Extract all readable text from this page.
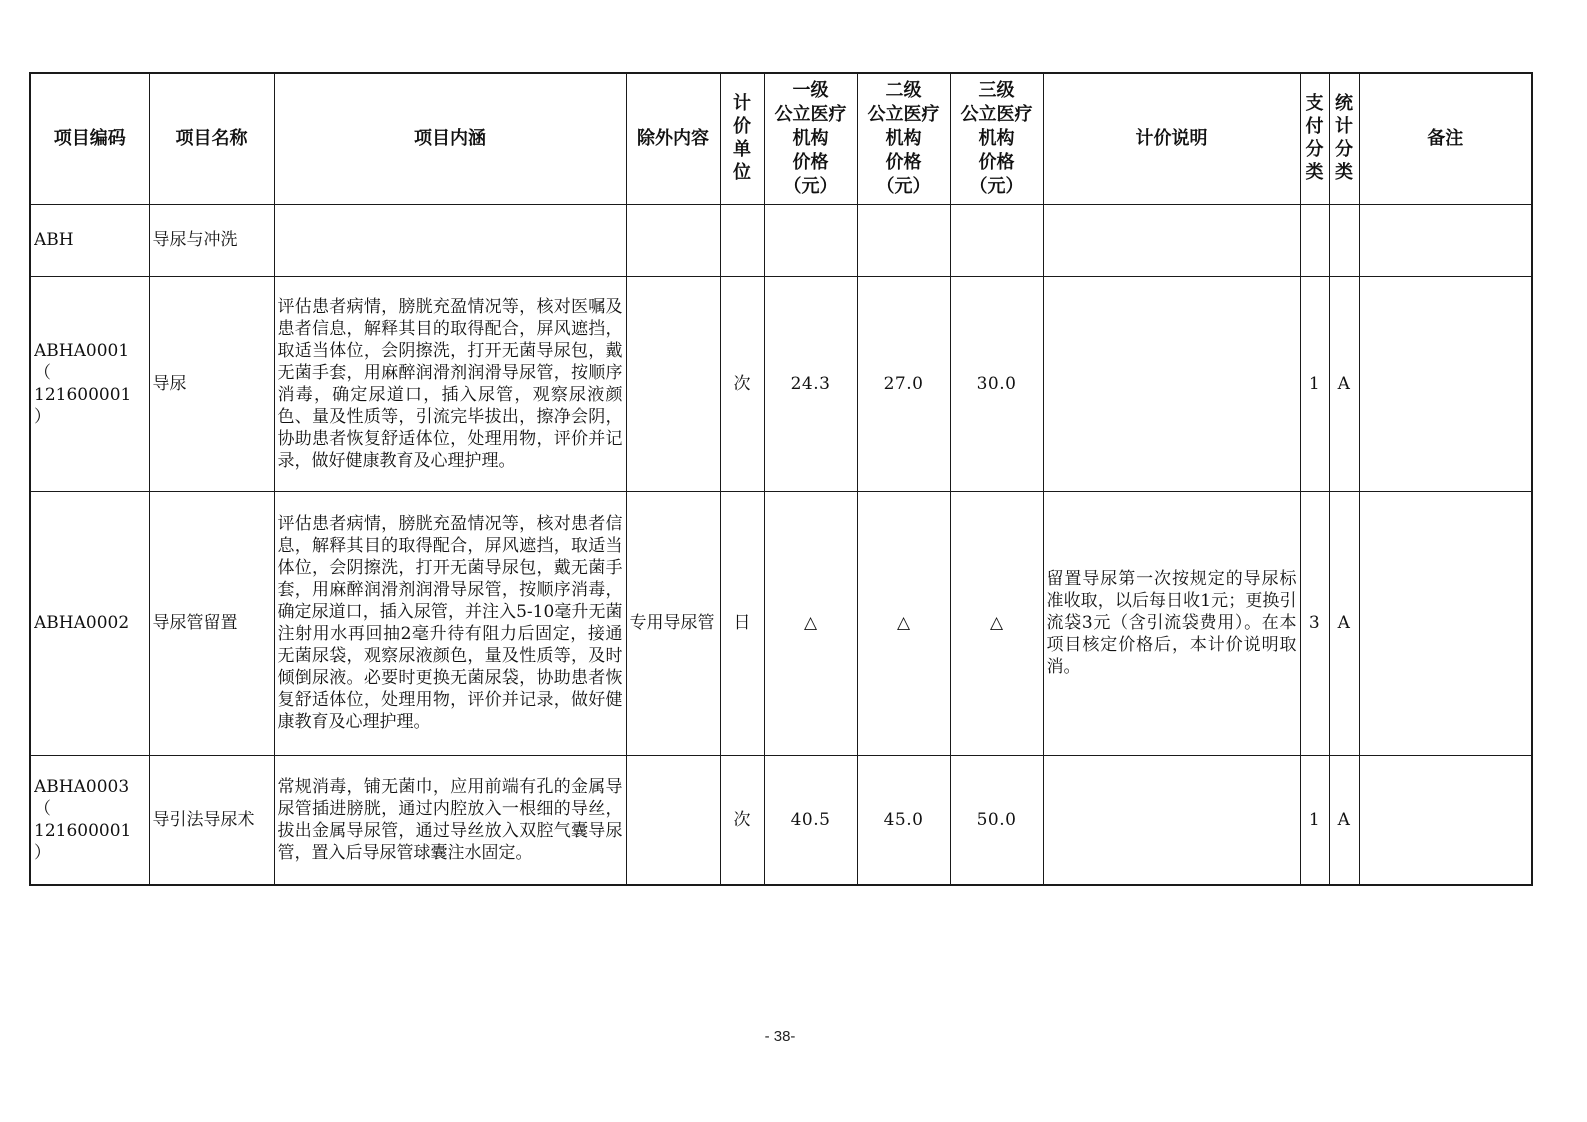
项目编码	项目名称	项目内涵	除外内容	计价单位	一级
公立医疗
机构
价格
（元）	二级
公立医疗
机构
价格
（元）	三级
公立医疗
机构
价格
（元）	计价说明	支付分类	统计分类	备注

ABH	导尿与冲洗										

ABHA0001
（ 121600001
）	导尿	评估患者病情，膀胱充盈情况等，核对医嘱及患者信息，解释其目的取得配合，屏风遮挡，取适当体位，会阴擦洗，打开无菌导尿包，戴无菌手套，用麻醉润滑剂润滑导尿管，按顺序消毒，确定尿道口，插入尿管，观察尿液颜色、量及性质等，引流完毕拔出，擦净会阴，协助患者恢复舒适体位，处理用物，评价并记录，做好健康教育及心理护理。		次	24.3	27.0	30.0		1	A	

ABHA0002	导尿管留置	评估患者病情，膀胱充盈情况等，核对患者信息，解释其目的取得配合，屏风遮挡，取适当体位，会阴擦洗，打开无菌导尿包，戴无菌手套，用麻醉润滑剂润滑导尿管，按顺序消毒，确定尿道口，插入尿管，并注入5-10毫升无菌注射用水再回抽2毫升待有阻力后固定，接通无菌尿袋，观察尿液颜色，量及性质等，及时倾倒尿液。必要时更换无菌尿袋，协助患者恢复舒适体位，处理用物，评价并记录，做好健康教育及心理护理。	专用导尿管	日	△	△	△	留置导尿第一次按规定的导尿标准收取，以后每日收1元；更换引流袋3元（含引流袋费用）。在本项目核定价格后，本计价说明取消。	3	A	

ABHA0003
（ 121600001
）	导引法导尿术	常规消毒，铺无菌巾，应用前端有孔的金属导尿管插进膀胱，通过内腔放入一根细的导丝，拔出金属导尿管，通过导丝放入双腔气囊导尿管，置入后导尿管球囊注水固定。		次	40.5	45.0	50.0		1	A	
- 38-
